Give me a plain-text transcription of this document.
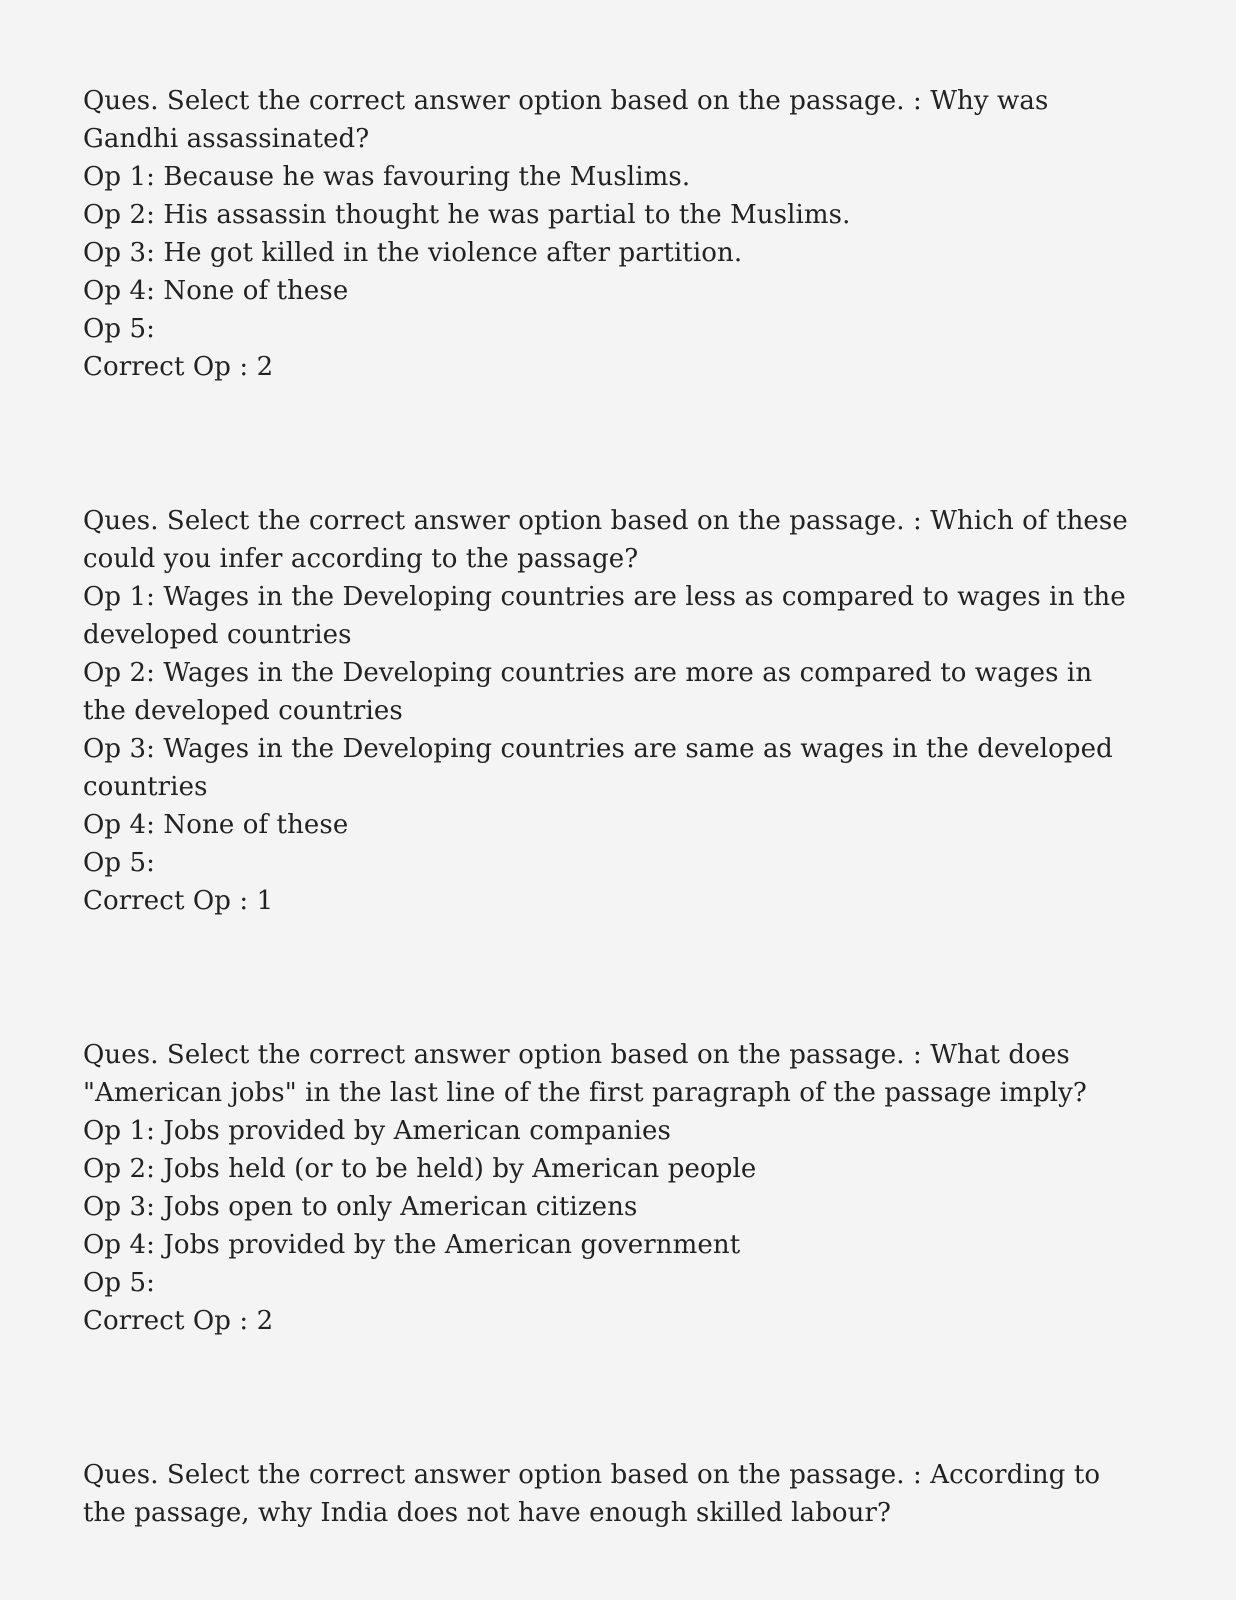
Ques. Select the correct answer option based on the passage. : Why was
Gandhi assassinated?
Op 1: Because he was favouring the Muslims.
Op 2: His assassin thought he was partial to the Muslims.
Op 3: He got killed in the violence after partition.
Op 4: None of these
Op 5:
Correct Op : 2
Ques. Select the correct answer option based on the passage. : Which of these
could you infer according to the passage?
Op 1: Wages in the Developing countries are less as compared to wages in the
developed countries
Op 2: Wages in the Developing countries are more as compared to wages in
the developed countries
Op 3: Wages in the Developing countries are same as wages in the developed
countries
Op 4: None of these
Op 5:
Correct Op : 1
Ques. Select the correct answer option based on the passage. : What does
"American jobs" in the last line of the first paragraph of the passage imply?
Op 1: Jobs provided by American companies
Op 2: Jobs held (or to be held) by American people
Op 3: Jobs open to only American citizens
Op 4: Jobs provided by the American government
Op 5:
Correct Op : 2
Ques. Select the correct answer option based on the passage. : According to
the passage, why India does not have enough skilled labour?
